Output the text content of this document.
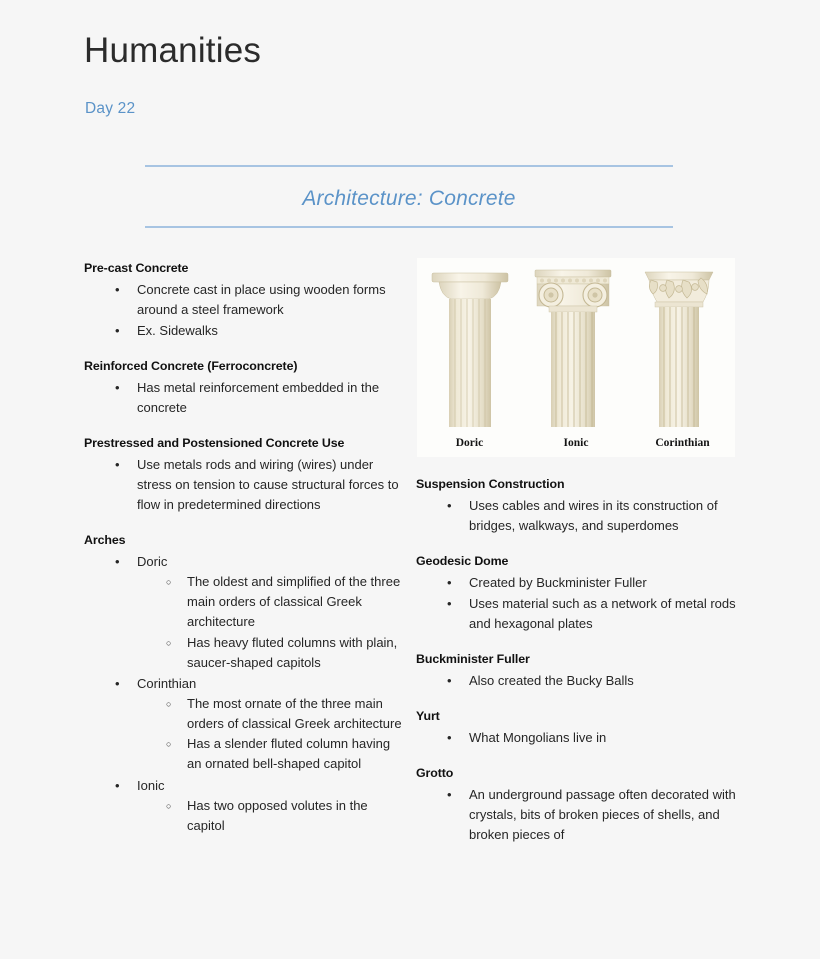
Humanities
Day 22
Architecture: Concrete
Doric	Ionic	Corinthian
Pre-cast Concrete
• Concrete cast in place using wooden forms around a steel framework
• Ex. Sidewalks
Reinforced Concrete (Ferroconcrete)
• Has metal reinforcement embedded in the concrete
Prestressed and Postensioned Concrete Use
• Use metals rods and wiring (wires) under stress on tension to cause structural forces to flow in predetermined directions
Arches
• Doric
○ The oldest and simplified of the three main orders of classical Greek architecture
○ Has heavy fluted columns with plain, saucer-shaped capitols
• Corinthian
○ The most ornate of the three main orders of classical Greek architecture
○ Has a slender fluted column having an ornated bell-shaped capitol
• Ionic
○ Has two opposed volutes in the capitol
Suspension Construction
• Uses cables and wires in its construction of bridges, walkways, and superdomes
Geodesic Dome
• Created by Buckminister Fuller
• Uses material such as a network of metal rods and hexagonal plates
Buckminister Fuller
• Also created the Bucky Balls
Yurt
• What Mongolians live in
Grotto
• An underground passage often decorated with crystals, bits of broken pieces of shells, and broken pieces of
